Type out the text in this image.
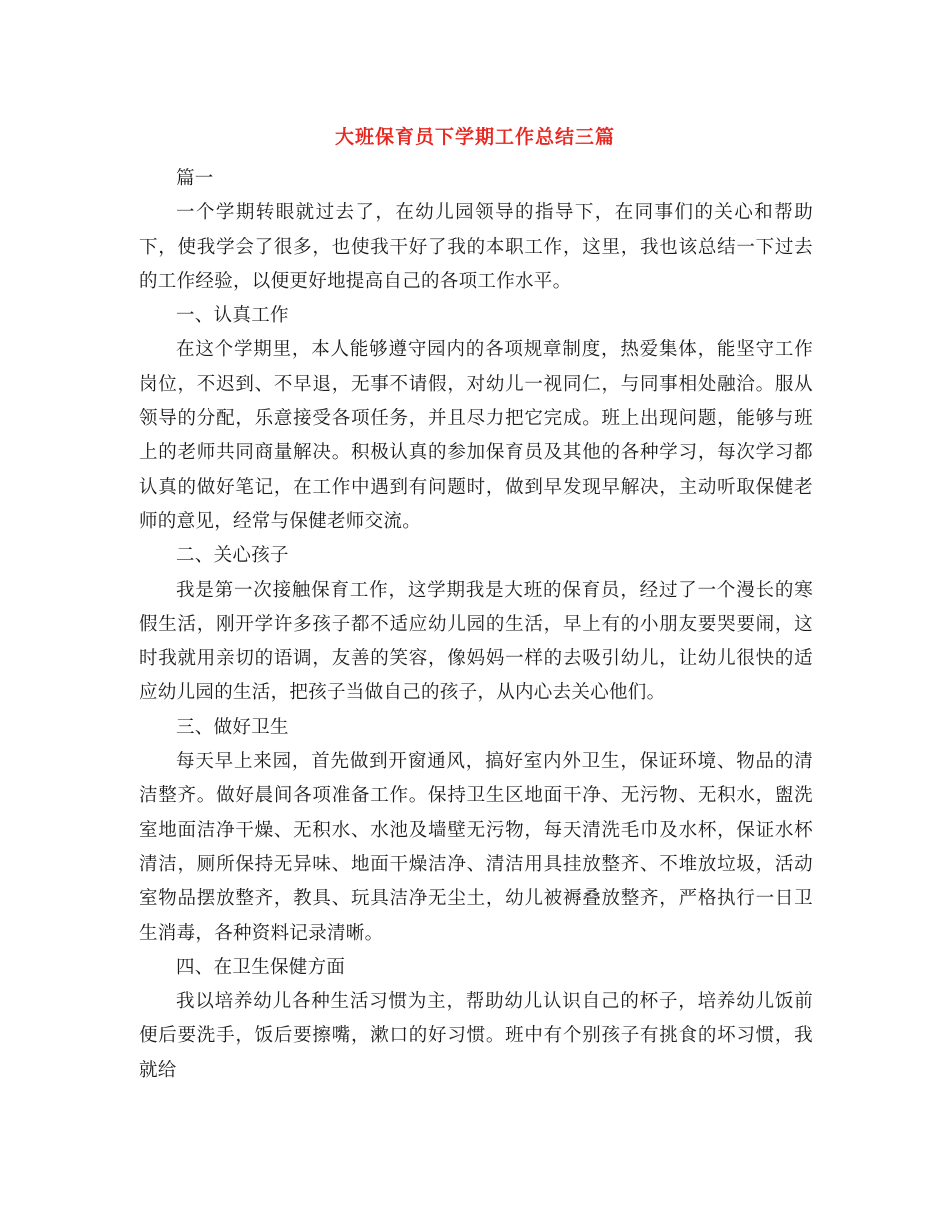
大班保育员下学期工作总结三篇

篇一

一个学期转眼就过去了，在幼儿园领导的指导下，在同事们的关心和帮助下，使我学会了很多，也使我干好了我的本职工作，这里，我也该总结一下过去的工作经验，以便更好地提高自己的各项工作水平。

一、认真工作

在这个学期里，本人能够遵守园内的各项规章制度，热爱集体，能坚守工作岗位，不迟到、不早退，无事不请假，对幼儿一视同仁，与同事相处融洽。服从领导的分配，乐意接受各项任务，并且尽力把它完成。班上出现问题，能够与班上的老师共同商量解决。积极认真的参加保育员及其他的各种学习，每次学习都认真的做好笔记，在工作中遇到有问题时，做到早发现早解决，主动听取保健老师的意见，经常与保健老师交流。

二、关心孩子

我是第一次接触保育工作，这学期我是大班的保育员，经过了一个漫长的寒假生活，刚开学许多孩子都不适应幼儿园的生活，早上有的小朋友要哭要闹，这时我就用亲切的语调，友善的笑容，像妈妈一样的去吸引幼儿，让幼儿很快的适应幼儿园的生活，把孩子当做自己的孩子，从内心去关心他们。

三、做好卫生

每天早上来园，首先做到开窗通风，搞好室内外卫生，保证环境、物品的清洁整齐。做好晨间各项准备工作。保持卫生区地面干净、无污物、无积水，盥洗室地面洁净干燥、无积水、水池及墙壁无污物，每天清洗毛巾及水杯，保证水杯清洁，厕所保持无异味、地面干燥洁净、清洁用具挂放整齐、不堆放垃圾，活动室物品摆放整齐，教具、玩具洁净无尘土，幼儿被褥叠放整齐，严格执行一日卫生消毒，各种资料记录清晰。

四、在卫生保健方面

我以培养幼儿各种生活习惯为主，帮助幼儿认识自己的杯子，培养幼儿饭前便后要洗手，饭后要擦嘴，漱口的好习惯。班中有个别孩子有挑食的坏习惯，我就给
